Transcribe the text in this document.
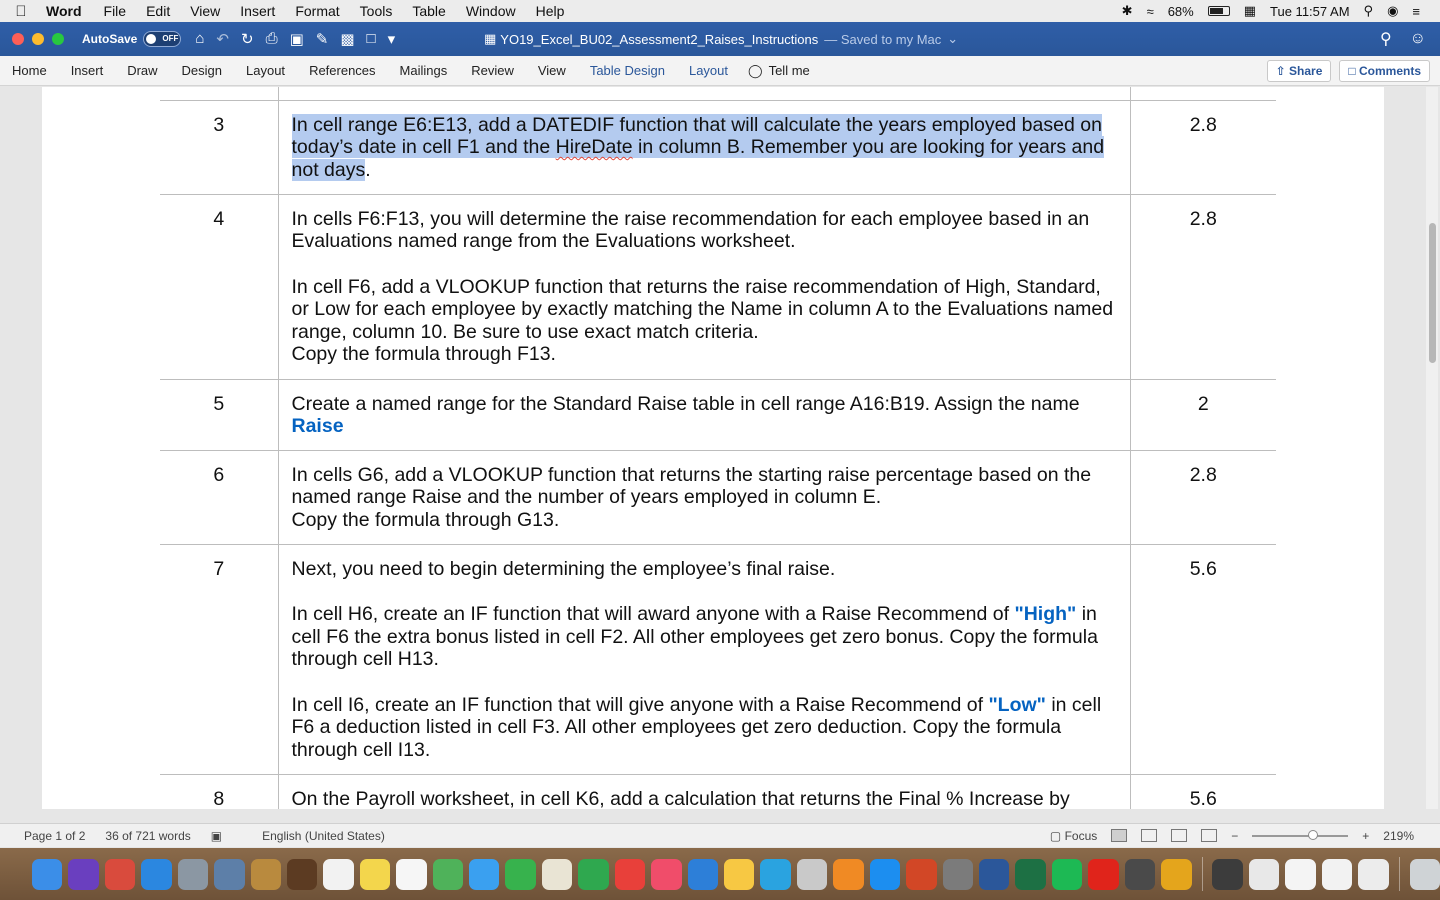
Word	File	Edit	View	Insert	Format	Tools	Table	Window	Help	✱ ≈ 68%	▦ Tue 11:57 AM ⚲ ◉ ≡
AutoSave	OFF ⌂ ↶ ↻ ⎙ ▣ ✎ ▩ □ ▾	▦ YO19_Excel_BU02_Assessment2_Raises_Instructions — Saved to my Mac ⌄	⚲ ☺
Home	Insert	Draw	Design	Layout	References	Mailings	Review	View	Table Design	Layout	◯ Tell me	⇧ Share	□ Comments

3	In cell range E6:E13, add a DATEDIF function that will calculate the years employed based on today’s date in cell F1 and the HireDate in column B. Remember you are looking for years and not days.	2.8
4	In cells F6:F13, you will determine the raise recommendation for each employee based in an Evaluations named range from the Evaluations worksheet.

In cell F6, add a VLOOKUP function that returns the raise recommendation of High, Standard, or Low for each employee by exactly matching the Name in column A to the Evaluations named range, column 10. Be sure to use exact match criteria.

Copy the formula through F13.	2.8
5	Create a named range for the Standard Raise table in cell range A16:B19. Assign the name

Raise	2
6	In cells G6, add a VLOOKUP function that returns the starting raise percentage based on the named range Raise and the number of years employed in column E.

Copy the formula through G13.	2.8
7	Next, you need to begin determining the employee’s final raise.

In cell H6, create an IF function that will award anyone with a Raise Recommend of "High" in cell F6 the extra bonus listed in cell F2. All other employees get zero bonus. Copy the formula through cell H13.

In cell I6, create an IF function that will give anyone with a Raise Recommend of "Low" in cell F6 a deduction listed in cell F3. All other employees get zero deduction. Copy the formula through cell I13.	5.6
8	On the Payroll worksheet, in cell K6, add a calculation that returns the Final % Increase by	5.6
Page 1 of 2	36 of 721 words	▣	English (United States)	▢ Focus	−	+ 219%
